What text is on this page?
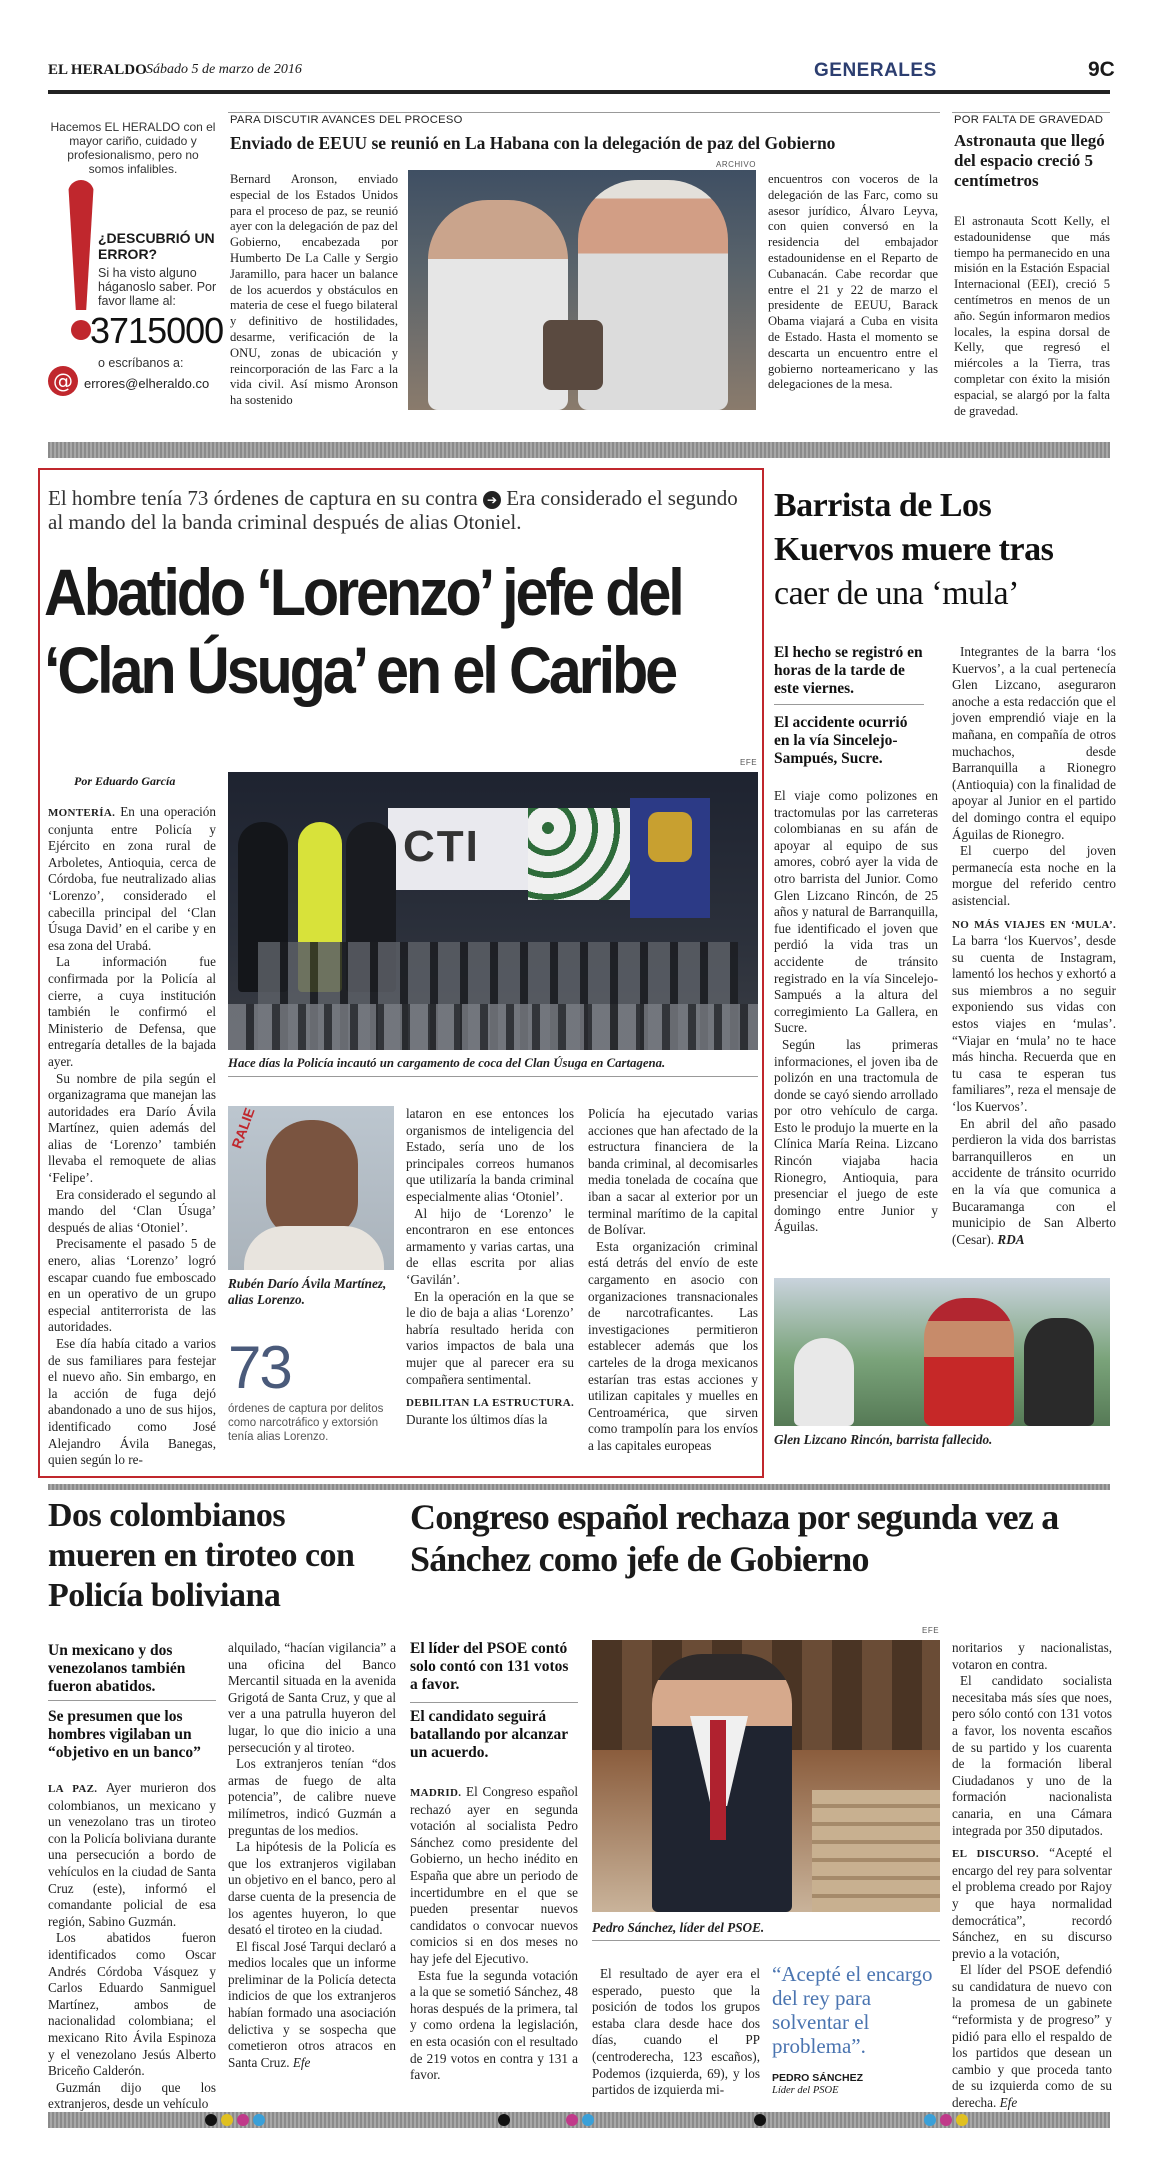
EL HERALDO Sábado 5 de marzo de 2016	GENERALES	9C
Hacemos EL HERALDO con el mayor cariño, cuidado y profesionalismo, pero no somos infalibles.
¿DESCUBRIÓ UN ERROR?
Si ha visto alguno háganoslo saber. Por favor llame al:
3715000
o escríbanos a:
@ errores@elheraldo.co
PARA DISCUTIR AVANCES DEL PROCESO
Enviado de EEUU se reunió en La Habana con la delegación de paz del Gobierno
ARCHIVO
Bernard Aronson, enviado especial de los Estados Unidos para el proceso de paz, se reunió ayer con la delegación de paz del Gobierno, encabezada por Humberto De La Calle y Sergio Jaramillo, para hacer un balance de los acuerdos y obstáculos en materia de cese el fuego bilateral y definitivo de hostilidades, desarme, verificación de la ONU, zonas de ubicación y reincorporación de las Farc a la vida civil. Así mismo Aronson ha sostenido
encuentros con voceros de la delegación de las Farc, como su asesor jurídico, Álvaro Leyva, con quien conversó en la residencia del embajador estadounidense en el Reparto de Cubanacán. Cabe recordar que entre el 21 y 22 de marzo el presidente de EEUU, Barack Obama viajará a Cuba en visita de Estado. Hasta el momento se descarta un encuentro entre el gobierno norteamericano y las delegaciones de la mesa.
POR FALTA DE GRAVEDAD
Astronauta que llegó del espacio creció 5 centímetros
El astronauta Scott Kelly, el estadounidense que más tiempo ha permanecido en una misión en la Estación Espacial Internacional (EEI), creció 5 centímetros en menos de un año. Según informaron medios locales, la espina dorsal de Kelly, que regresó el miércoles a la Tierra, tras completar con éxito la misión espacial, se alargó por la falta de gravedad.
El hombre tenía 73 órdenes de captura en su contra ➔ Era considerado el segundo al mando del la banda criminal después de alias Otoniel.
Abatido ‘Lorenzo’ jefe del
‘Clan Úsuga’ en el Caribe
Por Eduardo García
EFE
CTI
Hace días la Policía incautó un cargamento de coca del Clan Úsuga en Cartagena.

MONTERÍA. En una operación conjunta entre Policía y Ejército en zona rural de Arboletes, Antioquia, cerca de Córdoba, fue neutralizado alias ‘Lorenzo’, considerado el cabecilla principal del ‘Clan Úsuga David’ en el caribe y en esa zona del Urabá.

La información fue confirmada por la Policía al cierre, a cuya institución también le confirmó el Ministerio de Defensa, que entregaría detalles de la bajada ayer.

Su nombre de pila según el organizagrama que manejan las autoridades era Darío Ávila Martínez, quien además del alias de ‘Lorenzo’ también llevaba el remoquete de alias ‘Felipe’.

Era considerado el segundo al mando del ‘Clan Úsuga’ después de alias ‘Otoniel’.

Precisamente el pasado 5 de enero, alias ‘Lorenzo’ logró escapar cuando fue emboscado en un operativo de un grupo especial antiterrorista de las autoridades.

Ese día había citado a varios de sus familiares para festejar el nuevo año. Sin embargo, en la acción de fuga dejó abandonado a uno de sus hijos, identificado como José Alejandro Ávila Banegas, quien según lo re-

RALIE
Rubén Darío Ávila Martínez, alias Lorenzo.
73
órdenes de captura por delitos como narcotráfico y extorsión tenía alias Lorenzo.

lataron en ese entonces los organismos de inteligencia del Estado, sería uno de los principales correos humanos que utilizaría la banda criminal especialmente alias ‘Otoniel’.

Al hijo de ‘Lorenzo’ le encontraron en ese entonces armamento y varias cartas, una de ellas escrita por alias ‘Gavilán’.

En la operación en la que se le dio de baja a alias ‘Lorenzo’ habría resultado herida con varios impactos de bala una mujer que al parecer era su compañera sentimental.

DEBILITAN LA ESTRUCTURA. Durante los últimos días la

Policía ha ejecutado varias acciones que han afectado de la estructura financiera de la banda criminal, al decomisarles media tonelada de cocaína que iban a sacar al exterior por un terminal marítimo de la capital de Bolívar.

Esta organización criminal está detrás del envío de este cargamento en asocio con organizaciones transnacionales de narcotraficantes. Las investigaciones permitieron establecer además que los carteles de la droga mexicanos estarían tras estas acciones y utilizan capitales y muelles en Centroamérica, que sirven como trampolín para los envíos a las capitales europeas

Barrista de Los
Kuervos muere tras
caer de una ‘mula’
El hecho se registró en horas de la tarde de este viernes.
El accidente ocurrió en la vía Sincelejo-Sampués, Sucre.

El viaje como polizones en tractomulas por las carreteras colombianas en su afán de apoyar al equipo de sus amores, cobró ayer la vida de otro barrista del Junior. Como Glen Lizcano Rincón, de 25 años y natural de Barranquilla, fue identificado el joven que perdió la vida tras un accidente de tránsito registrado en la vía Sincelejo-Sampués a la altura del corregimiento La Gallera, en Sucre.

Según las primeras informaciones, el joven iba de polizón en una tractomula de donde se cayó siendo arrollado por otro vehículo de carga. Esto le produjo la muerte en la Clínica María Reina. Lizcano Rincón viajaba hacia Rionegro, Antioquia, para presenciar el juego de este domingo entre Junior y Águilas.

Integrantes de la barra ‘los Kuervos’, a la cual pertenecía Glen Lizcano, aseguraron anoche a esta redacción que el joven emprendió viaje en la mañana, en compañía de otros muchachos, desde Barranquilla a Rionegro (Antioquia) con la finalidad de apoyar al Junior en el partido del domingo contra el equipo Águilas de Rionegro.

El cuerpo del joven permanecía esta noche en la morgue del referido centro asistencial.

NO MÁS VIAJES EN ‘MULA’. La barra ‘los Kuervos’, desde su cuenta de Instagram, lamentó los hechos y exhortó a sus miembros a no seguir exponiendo sus vidas con estos viajes en ‘mulas’. “Viajar en ‘mula’ no te hace más hincha. Recuerda que en tu casa te esperan tus familiares”, reza el mensaje de ‘los Kuervos’.

En abril del año pasado perdieron la vida dos barristas barranquilleros en un accidente de tránsito ocurrido en la vía que comunica a Bucaramanga con el municipio de San Alberto (Cesar). RDA

Glen Lizcano Rincón, barrista fallecido.
Dos colombianos mueren en tiroteo con Policía boliviana
Un mexicano y dos venezolanos también fueron abatidos.
Se presumen que los hombres vigilaban un “objetivo en un banco”

LA PAZ. Ayer murieron dos colombianos, un mexicano y un venezolano tras un tiroteo con la Policía boliviana durante una persecución a bordo de vehículos en la ciudad de Santa Cruz (este), informó el comandante policial de esa región, Sabino Guzmán.

Los abatidos fueron identificados como Oscar Andrés Córdoba Vásquez y Carlos Eduardo Sanmiguel Martínez, ambos de nacionalidad colombiana; el mexicano Rito Ávila Espinoza y el venezolano Jesús Alberto Briceño Calderón.

Guzmán dijo que los extranjeros, desde un vehículo

alquilado, “hacían vigilancia” a una oficina del Banco Mercantil situada en la avenida Grigotá de Santa Cruz, y que al ver a una patrulla huyeron del lugar, lo que dio inicio a una persecución y al tiroteo.

Los extranjeros tenían “dos armas de fuego de alta potencia”, de calibre nueve milímetros, indicó Guzmán a preguntas de los medios.

La hipótesis de la Policía es que los extranjeros vigilaban un objetivo en el banco, pero al darse cuenta de la presencia de los agentes huyeron, lo que desató el tiroteo en la ciudad.

El fiscal José Tarqui declaró a medios locales que un informe preliminar de la Policía detecta indicios de que los extranjeros habían formado una asociación delictiva y se sospecha que cometieron otros atracos en Santa Cruz. Efe

Congreso español rechaza por segunda vez a Sánchez como jefe de Gobierno
El líder del PSOE contó solo contó con 131 votos a favor.
El candidato seguirá batallando por alcanzar un acuerdo.

MADRID. El Congreso español rechazó ayer en segunda votación al socialista Pedro Sánchez como presidente del Gobierno, un hecho inédito en España que abre un periodo de incertidumbre en el que se pueden presentar nuevos candidatos o convocar nuevos comicios si en dos meses no hay jefe del Ejecutivo.

Esta fue la segunda votación a la que se sometió Sánchez, 48 horas después de la primera, tal y como ordena la legislación, en esta ocasión con el resultado de 219 votos en contra y 131 a favor.

EFE
Pedro Sánchez, líder del PSOE.
El resultado de ayer era el esperado, puesto que la posición de todos los grupos estaba clara desde hace dos días, cuando el PP (centroderecha, 123 escaños), Podemos (izquierda, 69), y los partidos de izquierda mi-
“Acepté el encargo del rey para solventar el problema”.
PEDRO SÁNCHEZ
Líder del PSOE

noritarios y nacionalistas, votaron en contra.

El candidato socialista necesitaba más síes que noes, pero sólo contó con 131 votos a favor, los noventa escaños de su partido y los cuarenta de la formación liberal Ciudadanos y uno de la formación nacionalista canaria, en una Cámara integrada por 350 diputados.

EL DISCURSO. “Acepté el encargo del rey para solventar el problema creado por Rajoy y que haya normalidad democrática”, recordó Sánchez, en su discurso previo a la votación,

El líder del PSOE defendió su candidatura de nuevo con la promesa de un gabinete “reformista y de progreso” y pidió para ello el respaldo de los partidos que desean un cambio y que proceda tanto de su izquierda como de su derecha. Efe
